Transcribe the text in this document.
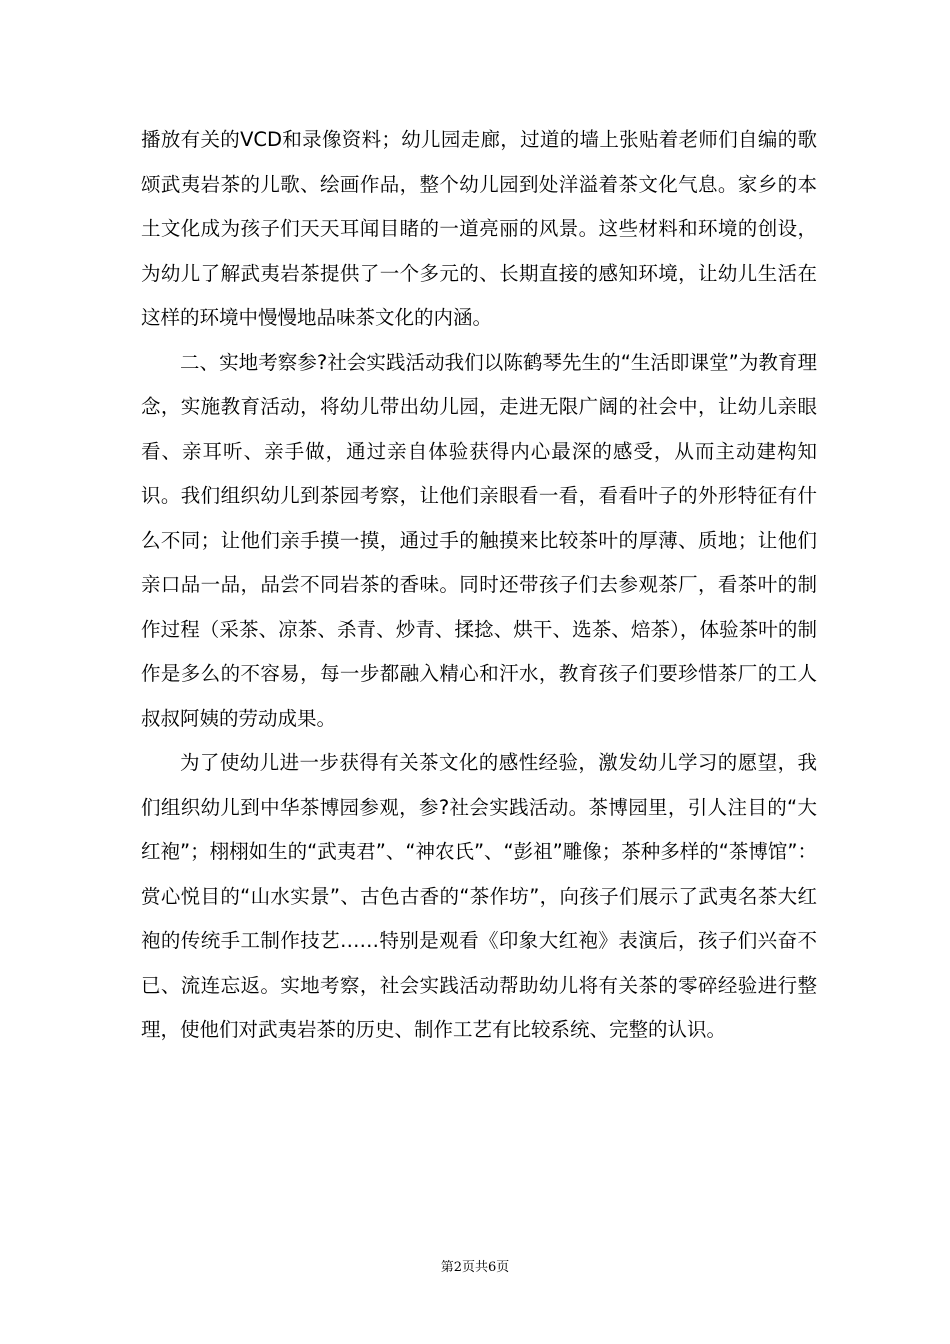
播放有关的VCD和录像资料；幼儿园走廊，过道的墙上张贴着老师们自编的歌颂武夷岩茶的儿歌、绘画作品，整个幼儿园到处洋溢着茶文化气息。家乡的本土文化成为孩子们天天耳闻目睹的一道亮丽的风景。这些材料和环境的创设，为幼儿了解武夷岩茶提供了一个多元的、长期直接的感知环境，让幼儿生活在这样的环境中慢慢地品味茶文化的内涵。

二、实地考察参?社会实践活动我们以陈鹤琴先生的“生活即课堂”为教育理念，实施教育活动，将幼儿带出幼儿园，走进无限广阔的社会中，让幼儿亲眼看、亲耳听、亲手做，通过亲自体验获得内心最深的感受，从而主动建构知识。我们组织幼儿到茶园考察，让他们亲眼看一看，看看叶子的外形特征有什么不同；让他们亲手摸一摸，通过手的触摸来比较茶叶的厚薄、质地；让他们亲口品一品，品尝不同岩茶的香味。同时还带孩子们去参观茶厂，看茶叶的制作过程（采茶、凉茶、杀青、炒青、揉捻、烘干、选茶、焙茶），体验茶叶的制作是多么的不容易，每一步都融入精心和汗水，教育孩子们要珍惜茶厂的工人叔叔阿姨的劳动成果。

为了使幼儿进一步获得有关茶文化的感性经验，激发幼儿学习的愿望，我们组织幼儿到中华茶博园参观，参?社会实践活动。茶博园里，引人注目的“大红袍”；栩栩如生的“武夷君”、“神农氏”、“彭祖”雕像；茶种多样的“茶博馆”：赏心悦目的“山水实景”、古色古香的“茶作坊”，向孩子们展示了武夷名茶大红袍的传统手工制作技艺……特别是观看《印象大红袍》表演后，孩子们兴奋不已、流连忘返。实地考察，社会实践活动帮助幼儿将有关茶的零碎经验进行整理，使他们对武夷岩茶的历史、制作工艺有比较系统、完整的认识。

第2页共6页
